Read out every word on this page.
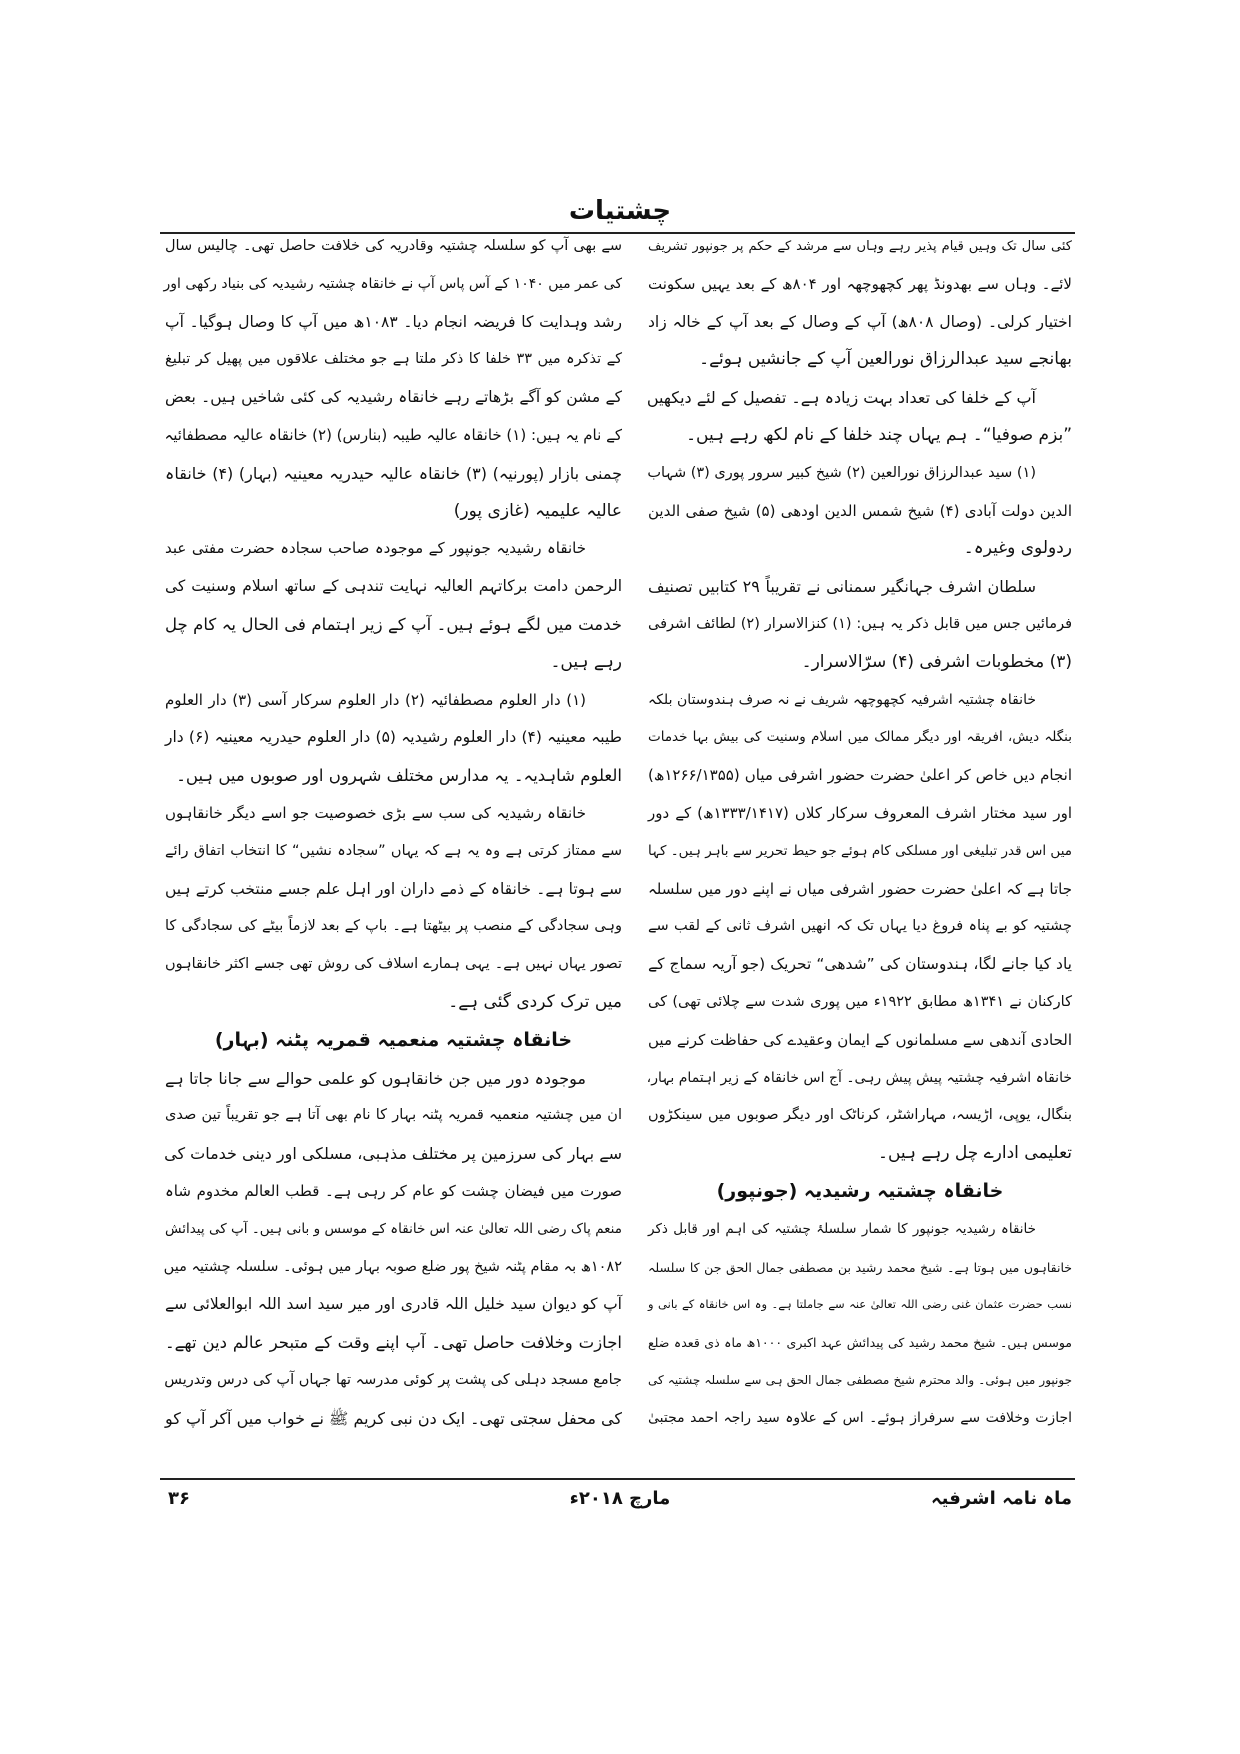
چشتیات
کئی سال تک وہیں قیام پذیر رہے وہاں سے مرشد کے حکم پر جونپور تشریف
لائے۔ وہاں سے بھدونڈ پھر کچھوچھہ اور ۸۰۴ھ کے بعد یہیں سکونت
اختیار کرلی۔ (وصال ۸۰۸ھ) آپ کے وصال کے بعد آپ کے خالہ زاد
بھانجے سید عبدالرزاق نورالعین آپ کے جانشیں ہوئے۔
آپ کے خلفا کی تعداد بہت زیادہ ہے۔ تفصیل کے لئے دیکھیں
”بزم صوفیا“۔ ہم یہاں چند خلفا کے نام لکھ رہے ہیں۔
(۱) سید عبدالرزاق نورالعین (۲) شیخ کبیر سرور پوری (۳) شہاب
الدین دولت آبادی (۴) شیخ شمس الدین اودھی (۵) شیخ صفی الدین
ردولوی وغیرہ۔
سلطان اشرف جہانگیر سمنانی نے تقریباً ۲۹ کتابیں تصنیف
فرمائیں جس میں قابل ذکر یہ ہیں: (۱) کنزالاسرار (۲) لطائف اشرفی
(۳) مخطوبات اشرفی (۴) سرّالاسرار۔
خانقاہ چشتیہ اشرفیہ کچھوچھہ شریف نے نہ صرف ہندوستان بلکہ
بنگلہ دیش، افریقہ اور دیگر ممالک میں اسلام وسنیت کی بیش بہا خدمات
انجام دیں خاص کر اعلیٰ حضرت حضور اشرفی میاں (۱۲۶۶/۱۳۵۵ھ)
اور سید مختار اشرف المعروف سرکار کلاں (۱۳۳۳/۱۴۱۷ھ) کے دور
میں اس قدر تبلیغی اور مسلکی کام ہوئے جو حیط تحریر سے باہر ہیں۔ کہا
جاتا ہے کہ اعلیٰ حضرت حضور اشرفی میاں نے اپنے دور میں سلسلہ
چشتیہ کو بے پناہ فروغ دیا یہاں تک کہ انھیں اشرف ثانی کے لقب سے
یاد کیا جانے لگا، ہندوستان کی ”شدھی“ تحریک (جو آریہ سماج کے
کارکنان نے ۱۳۴۱ھ مطابق ۱۹۲۲ء میں پوری شدت سے چلائی تھی) کی
الحادی آندھی سے مسلمانوں کے ایمان وعقیدے کی حفاظت کرنے میں
خانقاہ اشرفیہ چشتیہ پیش پیش رہی۔ آج اس خانقاہ کے زیر اہتمام بہار،
بنگال، یوپی، اڑیسہ، مہاراشٹر، کرناٹک اور دیگر صوبوں میں سینکڑوں
تعلیمی ادارے چل رہے ہیں۔
خانقاہ چشتیہ رشیدیہ (جونپور)
خانقاہ رشیدیہ جونپور کا شمار سلسلۂ چشتیہ کی اہم اور قابل ذکر
خانقاہوں میں ہوتا ہے۔ شیخ محمد رشید بن مصطفی جمال الحق جن کا سلسلہ
نسب حضرت عثمان غنی رضی اللہ تعالیٰ عنہ سے جاملتا ہے۔ وہ اس خانقاہ کے بانی و
موسس ہیں۔ شیخ محمد رشید کی پیدائش عہد اکبری ۱۰۰۰ھ ماہ ذی قعدہ ضلع
جونپور میں ہوئی۔ والد محترم شیخ مصطفی جمال الحق ہی سے سلسلہ چشتیہ کی
اجازت وخلافت سے سرفراز ہوئے۔ اس کے علاوہ سید راجہ احمد مجتبیٰ
سے بھی آپ کو سلسلہ چشتیہ وقادریہ کی خلافت حاصل تھی۔ چالیس سال
کی عمر میں ۱۰۴۰ کے آس پاس آپ نے خانقاہ چشتیہ رشیدیہ کی بنیاد رکھی اور
رشد وہدایت کا فریضہ انجام دیا۔ ۱۰۸۳ھ میں آپ کا وصال ہوگیا۔ آپ
کے تذکرہ میں ۳۳ خلفا کا ذکر ملتا ہے جو مختلف علاقوں میں پھیل کر تبلیغ
کے مشن کو آگے بڑھاتے رہے خانقاہ رشیدیہ کی کئی شاخیں ہیں۔ بعض
کے نام یہ ہیں: (۱) خانقاہ عالیہ طیبہ (بنارس) (۲) خانقاہ عالیہ مصطفائیہ
چمنی بازار (پورنیہ) (۳) خانقاہ عالیہ حیدریہ معینیہ (بہار) (۴) خانقاہ
عالیہ علیمیہ (غازی پور)
خانقاہ رشیدیہ جونپور کے موجودہ صاحب سجادہ حضرت مفتی عبد
الرحمن دامت برکاتہم العالیہ نہایت تندہی کے ساتھ اسلام وسنیت کی
خدمت میں لگے ہوئے ہیں۔ آپ کے زیر اہتمام فی الحال یہ کام چل
رہے ہیں۔
(۱) دار العلوم مصطفائیہ (۲) دار العلوم سرکار آسی (۳) دار العلوم
طیبہ معینیہ (۴) دار العلوم رشیدیہ (۵) دار العلوم حیدریہ معینیہ (۶) دار
العلوم شاہدیہ۔ یہ مدارس مختلف شہروں اور صوبوں میں ہیں۔
خانقاہ رشیدیہ کی سب سے بڑی خصوصیت جو اسے دیگر خانقاہوں
سے ممتاز کرتی ہے وہ یہ ہے کہ یہاں ”سجادہ نشیں“ کا انتخاب اتفاق رائے
سے ہوتا ہے۔ خانقاہ کے ذمے داران اور اہل علم جسے منتخب کرتے ہیں
وہی سجادگی کے منصب پر بیٹھتا ہے۔ باپ کے بعد لازماً بیٹے کی سجادگی کا
تصور یہاں نہیں ہے۔ یہی ہمارے اسلاف کی روش تھی جسے اکثر خانقاہوں
میں ترک کردی گئی ہے۔
خانقاہ چشتیہ منعمیہ قمریہ پٹنہ (بہار)
موجودہ دور میں جن خانقاہوں کو علمی حوالے سے جانا جاتا ہے
ان میں چشتیہ منعمیہ قمریہ پٹنہ بہار کا نام بھی آتا ہے جو تقریباً تین صدی
سے بہار کی سرزمین پر مختلف مذہبی، مسلکی اور دینی خدمات کی
صورت میں فیضان چشت کو عام کر رہی ہے۔ قطب العالم مخدوم شاہ
منعم پاک رضی اللہ تعالیٰ عنہ اس خانقاہ کے موسس و بانی ہیں۔ آپ کی پیدائش
۱۰۸۲ھ بہ مقام پٹنہ شیخ پور ضلع صوبہ بہار میں ہوئی۔ سلسلہ چشتیہ میں
آپ کو دیوان سید خلیل اللہ قادری اور میر سید اسد اللہ ابوالعلائی سے
اجازت وخلافت حاصل تھی۔ آپ اپنے وقت کے متبحر عالم دین تھے۔
جامع مسجد دہلی کی پشت پر کوئی مدرسہ تھا جہاں آپ کی درس وتدریس
کی محفل سجتی تھی۔ ایک دن نبی کریم ﷺ نے خواب میں آکر آپ کو
ماہ نامہ اشرفیہ
مارچ ۲۰۱۸ء
۳۶
